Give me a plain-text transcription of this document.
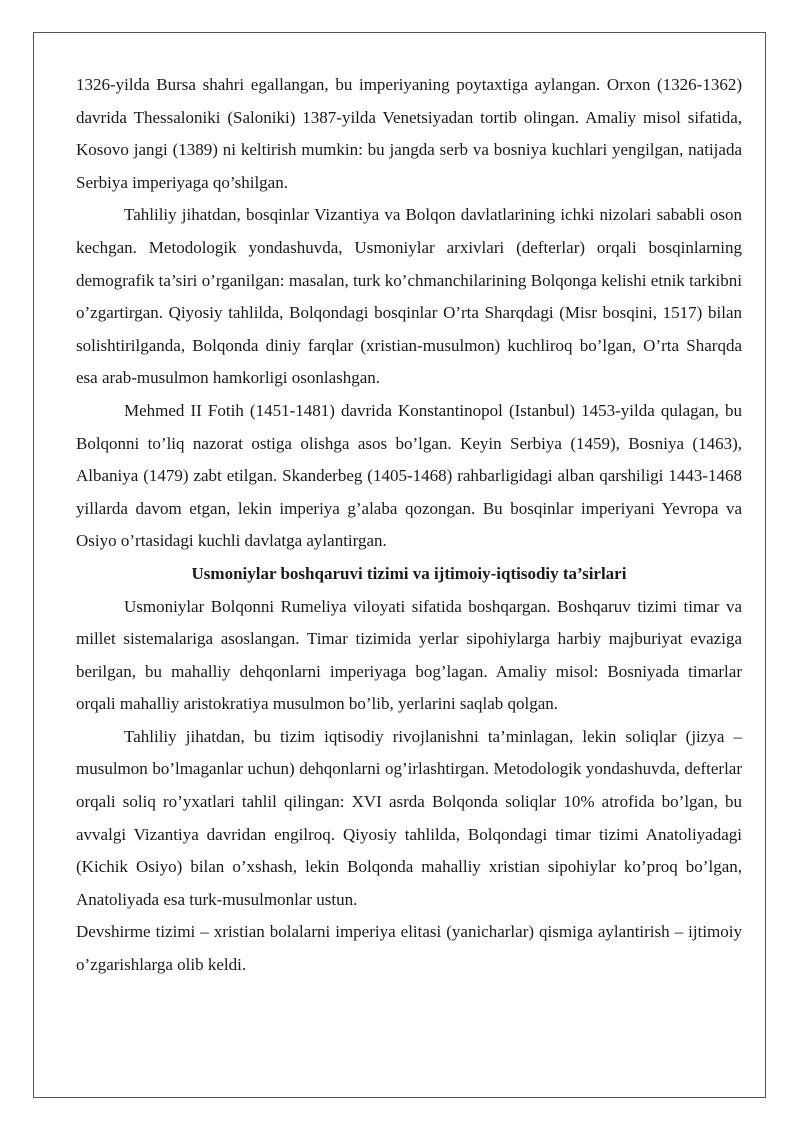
1326-yilda Bursa shahri egallangan, bu imperiyaning poytaxtiga aylangan. Orxon (1326-1362) davrida Thessaloniki (Saloniki) 1387-yilda Venetsiyadan tortib olingan. Amaliy misol sifatida, Kosovo jangi (1389) ni keltirish mumkin: bu jangda serb va bosniya kuchlari yengilgan, natijada Serbiya imperiyaga qo’shilgan.

Tahliliy jihatdan, bosqinlar Vizantiya va Bolqon davlatlarining ichki nizolari sababli oson kechgan. Metodologik yondashuvda, Usmoniylar arxivlari (defterlar) orqali bosqinlarning demografik ta’siri o’rganilgan: masalan, turk ko’chmanchilarining Bolqonga kelishi etnik tarkibni o’zgartirgan. Qiyosiy tahlilda, Bolqondagi bosqinlar O’rta Sharqdagi (Misr bosqini, 1517) bilan solishtirilganda, Bolqonda diniy farqlar (xristian-musulmon) kuchliroq bo’lgan, O’rta Sharqda esa arab-musulmon hamkorligi osonlashgan.

Mehmed II Fotih (1451-1481) davrida Konstantinopol (Istanbul) 1453-yilda qulagan, bu Bolqonni to’liq nazorat ostiga olishga asos bo’lgan. Keyin Serbiya (1459), Bosniya (1463), Albaniya (1479) zabt etilgan. Skanderbeg (1405-1468) rahbarligidagi alban qarshiligi 1443-1468 yillarda davom etgan, lekin imperiya g’alaba qozongan. Bu bosqinlar imperiyani Yevropa va Osiyo o’rtasidagi kuchli davlatga aylantirgan.

Usmoniylar boshqaruvi tizimi va ijtimoiy-iqtisodiy ta’sirlari

Usmoniylar Bolqonni Rumeliya viloyati sifatida boshqargan. Boshqaruv tizimi timar va millet sistemalariga asoslangan. Timar tizimida yerlar sipohiylarga harbiy majburiyat evaziga berilgan, bu mahalliy dehqonlarni imperiyaga bog’lagan. Amaliy misol: Bosniyada timarlar orqali mahalliy aristokratiya musulmon bo’lib, yerlarini saqlab qolgan.

Tahliliy jihatdan, bu tizim iqtisodiy rivojlanishni ta’minlagan, lekin soliqlar (jizya – musulmon bo’lmaganlar uchun) dehqonlarni og’irlashtirgan. Metodologik yondashuvda, defterlar orqali soliq ro’yxatlari tahlil qilingan: XVI asrda Bolqonda soliqlar 10% atrofida bo’lgan, bu avvalgi Vizantiya davridan engilroq. Qiyosiy tahlilda, Bolqondagi timar tizimi Anatoliyadagi (Kichik Osiyo) bilan o’xshash, lekin Bolqonda mahalliy xristian sipohiylar ko’proq bo’lgan, Anatoliyada esa turk-musulmonlar ustun.

Devshirme tizimi – xristian bolalarni imperiya elitasi (yanicharlar) qismiga aylantirish – ijtimoiy o’zgarishlarga olib keldi.
